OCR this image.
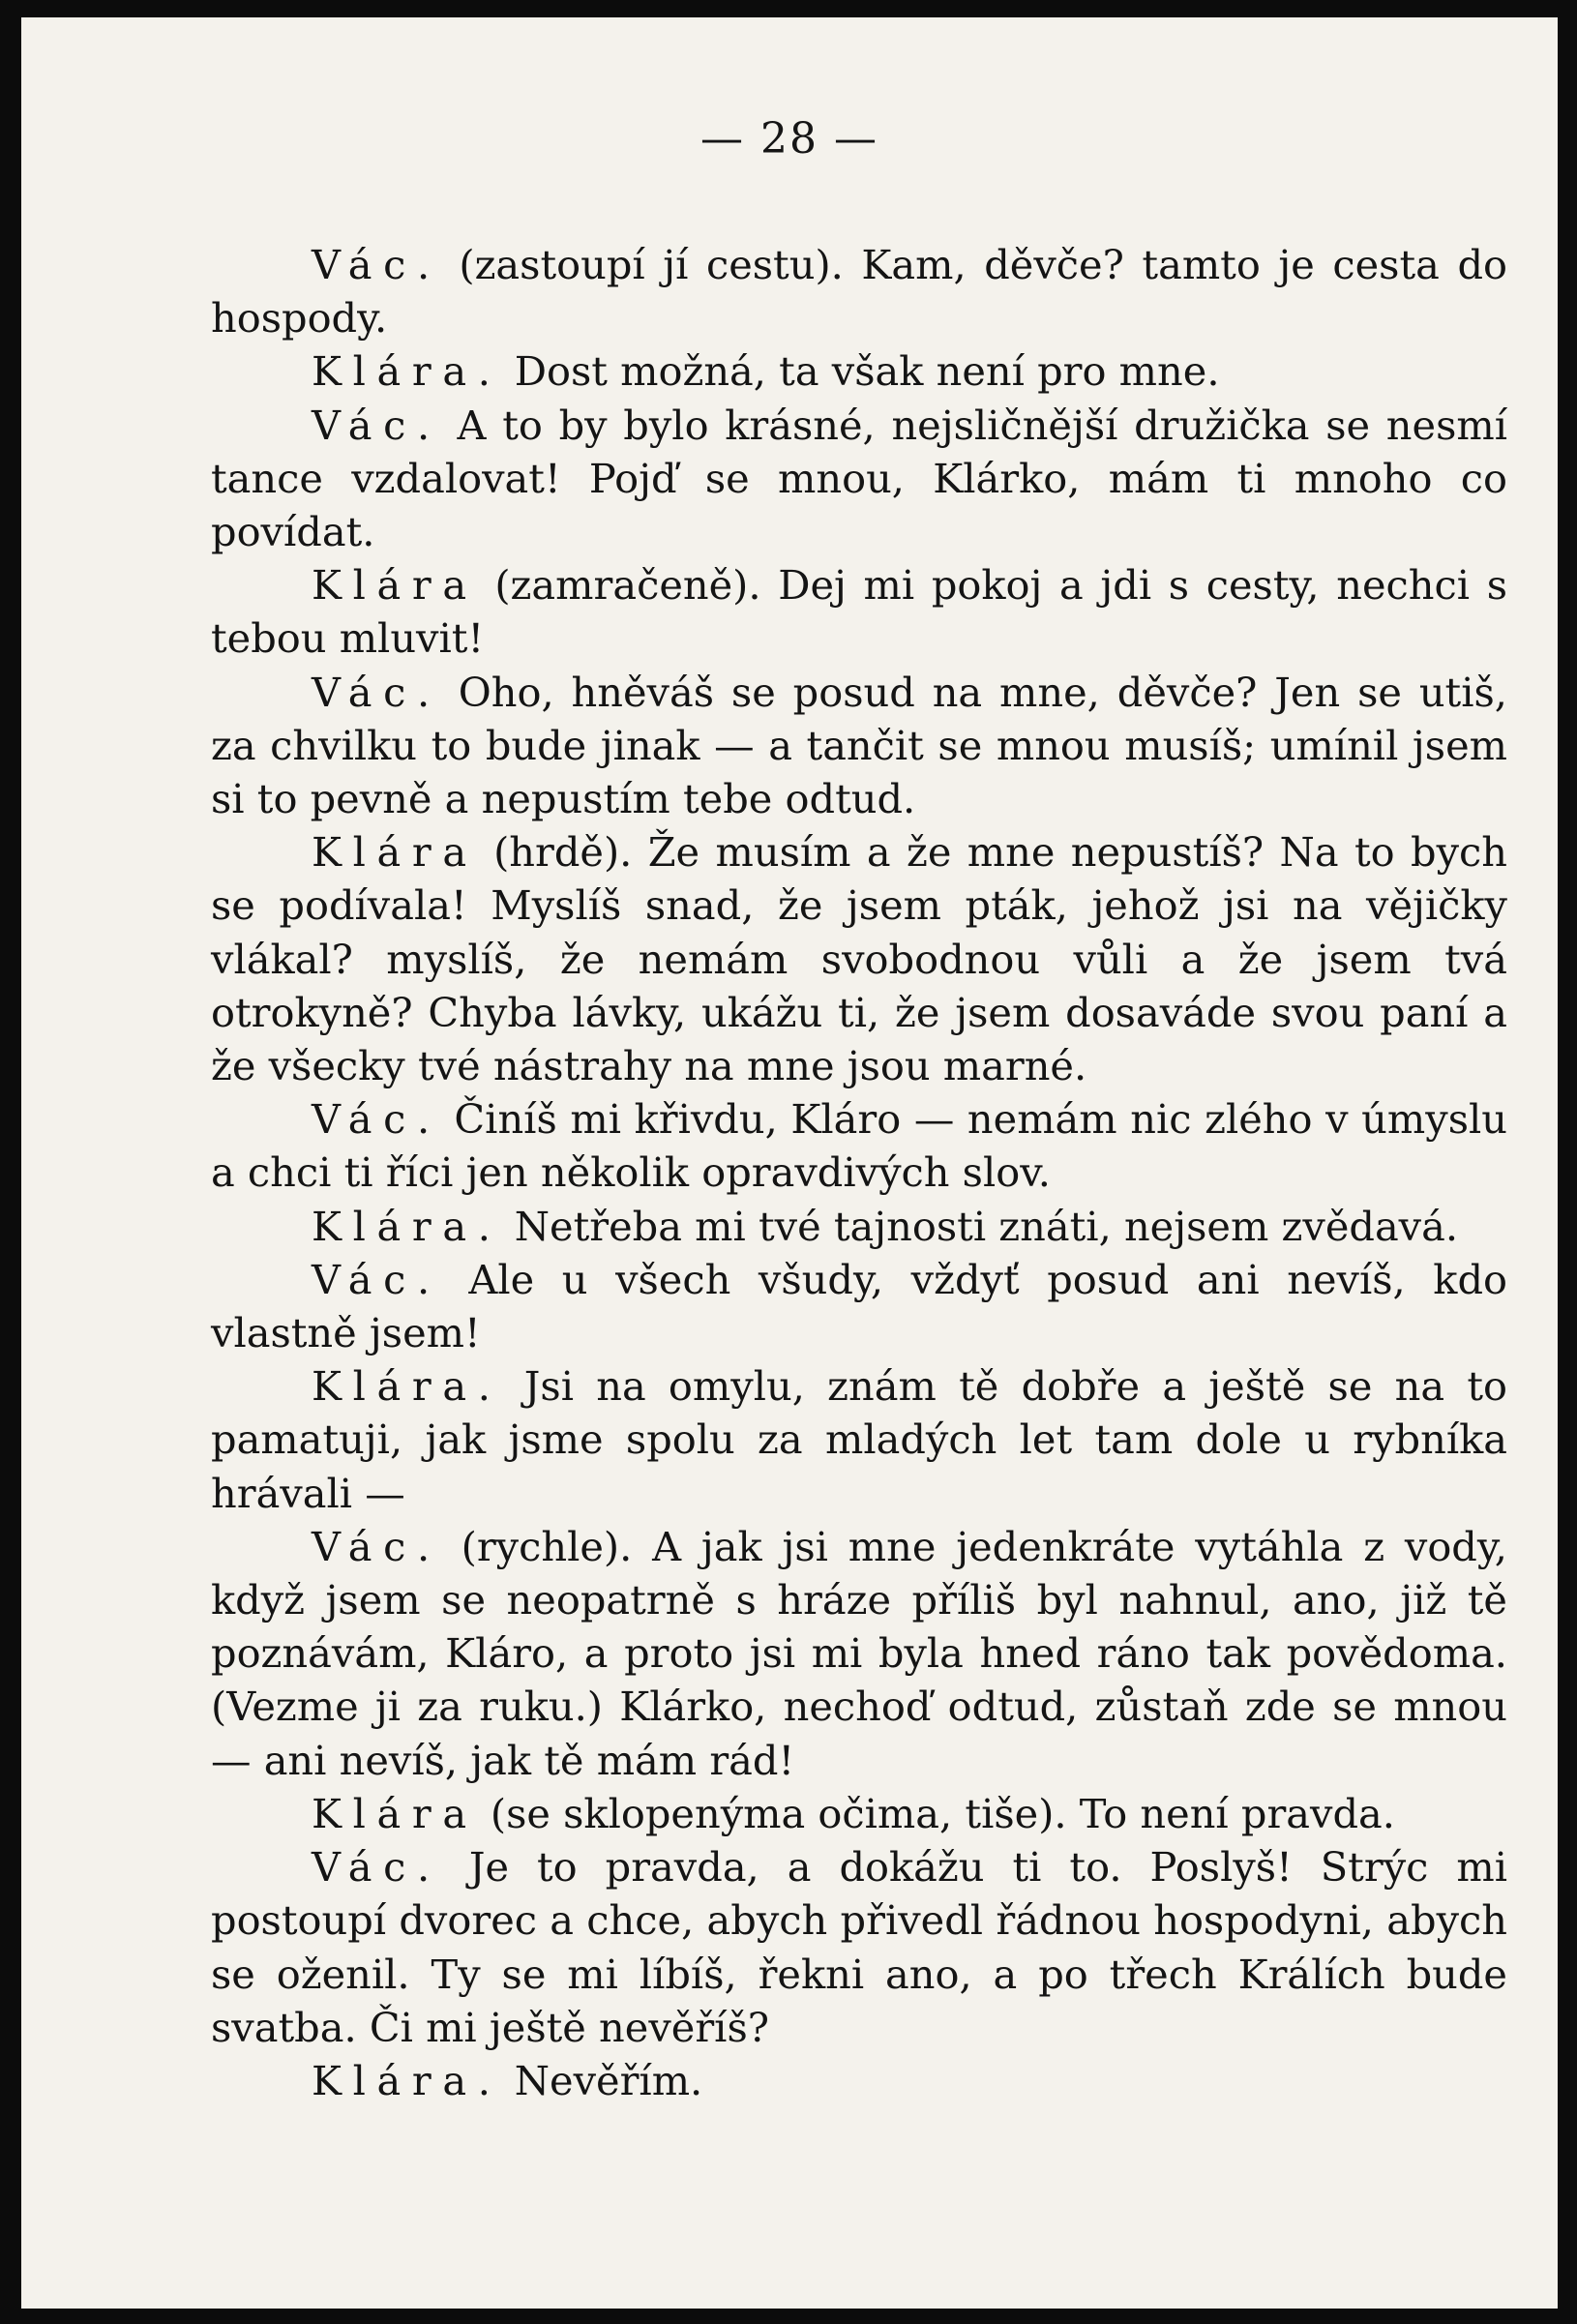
— 28 —

Vác. (zastoupí jí cestu). Kam, děvče? tamto je cesta do hospody.

Klára. Dost možná, ta však není pro mne.

Vác. A to by bylo krásné, nejsličnější družička se nesmí tance vzdalovat! Pojď se mnou, Klárko, mám ti mnoho co povídat.

Klára (zamračeně). Dej mi pokoj a jdi s cesty, nechci s tebou mluvit!

Vác. Oho, hněváš se posud na mne, děvče? Jen se utiš, za chvilku to bude jinak — a tančit se mnou musíš; umínil jsem si to pevně a nepustím tebe odtud.

Klára (hrdě). Že musím a že mne nepustíš? Na to bych se podívala! Myslíš snad, že jsem pták, jehož jsi na vějičky vlákal? myslíš, že nemám svobodnou vůli a že jsem tvá otrokyně? Chyba lávky, ukážu ti, že jsem dosaváde svou paní a že všecky tvé nástrahy na mne jsou marné.

Vác. Činíš mi křivdu, Kláro — nemám nic zlého v úmyslu a chci ti říci jen několik opravdivých slov.

Klára. Netřeba mi tvé tajnosti znáti, nejsem zvědavá.

Vác. Ale u všech všudy, vždyť posud ani nevíš, kdo vlastně jsem!

Klára. Jsi na omylu, znám tě dobře a ještě se na to pamatuji, jak jsme spolu za mladých let tam dole u rybníka hrávali —

Vác. (rychle). A jak jsi mne jedenkráte vytáhla z vody, když jsem se neopatrně s hráze příliš byl nahnul, ano, již tě poznávám, Kláro, a proto jsi mi byla hned ráno tak povědoma. (Vezme ji za ruku.) Klárko, nechoď odtud, zůstaň zde se mnou — ani nevíš, jak tě mám rád!

Klára (se sklopenýma očima, tiše). To není pravda.

Vác. Je to pravda, a dokážu ti to. Poslyš! Strýc mi postoupí dvorec a chce, abych přivedl řádnou hospodyni, abych se oženil. Ty se mi líbíš, řekni ano, a po třech Králích bude svatba. Či mi ještě nevěříš?

Klára. Nevěřím.
